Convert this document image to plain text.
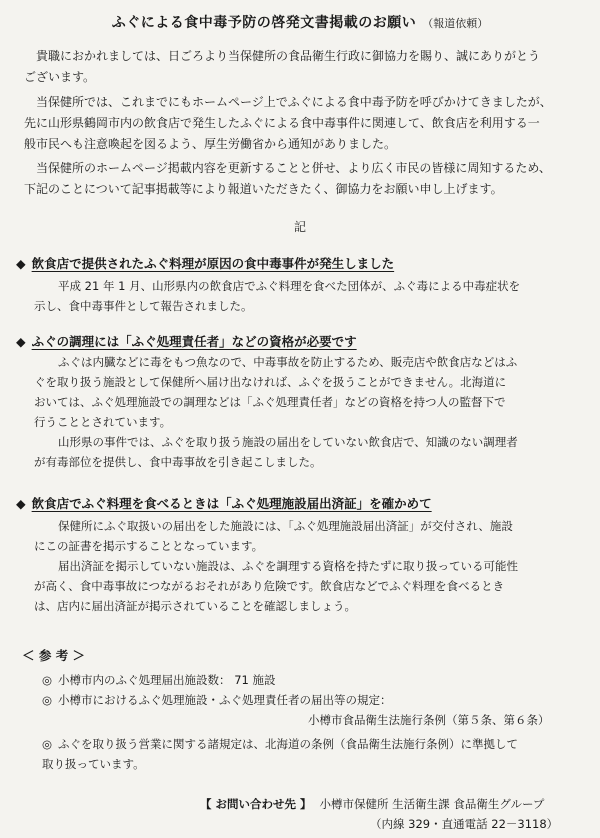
ふぐによる食中毒予防の啓発文書掲載のお願い （報道依頼）

貴職におかれましては、日ごろより当保健所の食品衛生行政に御協力を賜り、誠にありがとう
ございます。

当保健所では、これまでにもホームページ上でふぐによる食中毒予防を呼びかけてきましたが、
先に山形県鶴岡市内の飲食店で発生したふぐによる食中毒事件に関連して、飲食店を利用する一
般市民へも注意喚起を図るよう、厚生労働省から通知がありました。

当保健所のホームページ掲載内容を更新することと併せ、より広く市民の皆様に周知するため、
下記のことについて記事掲載等により報道いただきたく、御協力をお願い申し上げます。

記
◆ 飲食店で提供されたふぐ料理が原因の食中毒事件が発生しました

平成 21 年 1 月、山形県内の飲食店でふぐ料理を食べた団体が、ふぐ毒による中毒症状を
示し、食中毒事件として報告されました。

◆ ふぐの調理には「ふぐ処理責任者」などの資格が必要です

ふぐは内臓などに毒をもつ魚なので、中毒事故を防止するため、販売店や飲食店などはふ
ぐを取り扱う施設として保健所へ届け出なければ、ふぐを扱うことができません。北海道に
おいては、ふぐ処理施設での調理などは「ふぐ処理責任者」などの資格を持つ人の監督下で
行うこととされています。
山形県の事件では、ふぐを取り扱う施設の届出をしていない飲食店で、知識のない調理者
が有毒部位を提供し、食中毒事故を引き起こしました。

◆ 飲食店でふぐ料理を食べるときは「ふぐ処理施設届出済証」を確かめて

保健所にふぐ取扱いの届出をした施設には、「ふぐ処理施設届出済証」が交付され、施設
にこの証書を掲示することとなっています。
届出済証を掲示していない施設は、ふぐを調理する資格を持たずに取り扱っている可能性
が高く、食中毒事故につながるおそれがあり危険です。飲食店などでふぐ料理を食べるとき
は、店内に届出済証が掲示されていることを確認しましょう。

＜ 参 考 ＞
◎ 小樽市内のふぐ処理届出施設数： 71 施設
◎ 小樽市におけるふぐ処理施設・ふぐ処理責任者の届出等の規定：
小樽市食品衛生法施行条例（第５条、第６条）
◎ ふぐを取り扱う営業に関する諸規定は、北海道の条例（食品衛生法施行条例）に準拠して
取り扱っています。
【 お問い合わせ先 】 小樽市保健所 生活衛生課 食品衛生グループ
（内線 329・直通電話 22－3118）
